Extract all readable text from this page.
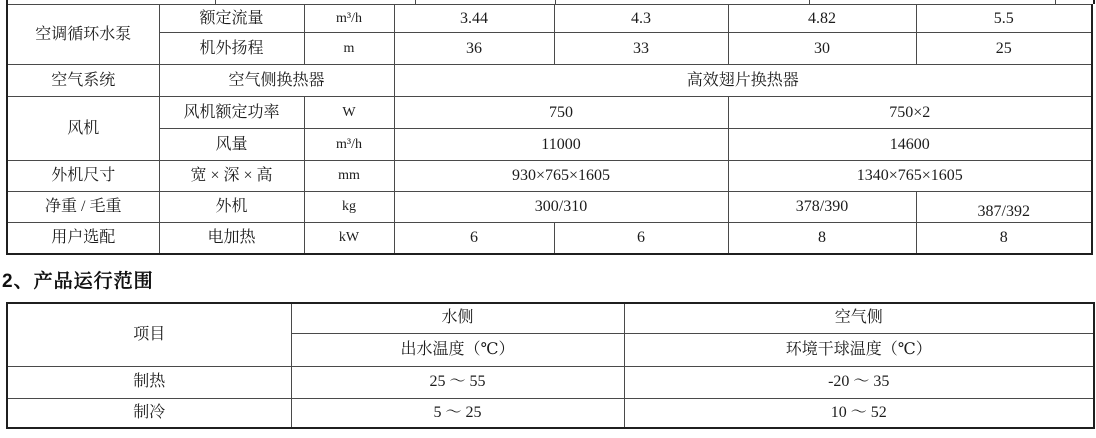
空调循环水泵	额定流量	m³/h	3.44	4.3	4.82	5.5
	机外扬程	m	36	33	30	25
空气系统	空气侧换热器		高效翅片换热器			
风机	风机额定功率	W	750		750×2	
	风量	m³/h	11000		14600	
外机尺寸	宽 × 深 × 高	mm	930×765×1605		1340×765×1605	
净重 / 毛重	外机	kg	300/310		378/390	387/392
用户选配	电加热	kW	6	6	8	8
2、产品运行范围
项目	水侧	空气侧
	出水温度（℃）	环境干球温度（℃）
制热	25 ～ 55	-20 ～ 35
制冷	5 ～ 25	10 ～ 52
